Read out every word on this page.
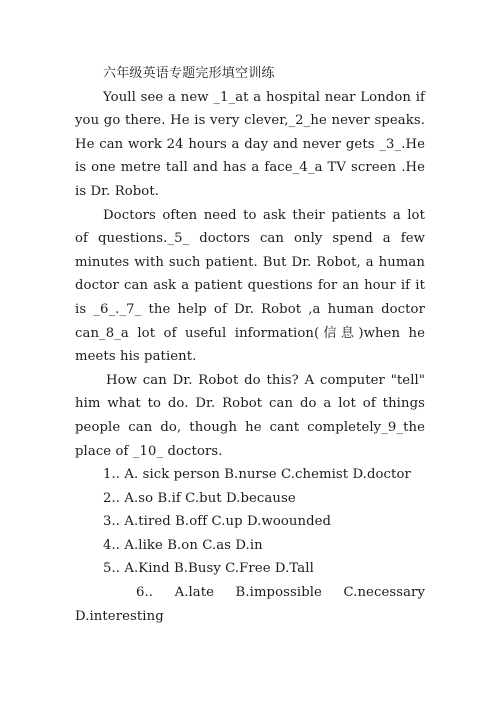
六年级英语专题完形填空训练

Youll see a new _1_at a hospital near London if you go there. He is very clever,_2_he never speaks. He can work 24 hours a day and never gets _3_.He is one metre tall and has a face_4_a TV screen .He is Dr. Robot.

Doctors often need to ask their patients a lot of questions._5_ doctors can only spend a few minutes with such patient. But Dr. Robot, a human doctor can ask a patient questions for an hour if it is _6_._7_ the help of Dr. Robot ,a human doctor can_8_a lot of useful information(信息)when he meets his patient.

How can Dr. Robot do this? A computer "tell" him what to do. Dr. Robot can do a lot of things people can do, though he cant completely_9_the place of _10_ doctors.

1.. A. sick person B.nurse C.chemist D.doctor
2.. A.so B.if C.but D.because
3.. A.tired B.off C.up D.woounded
4.. A.like B.on C.as D.in
5.. A.Kind B.Busy C.Free D.Tall
6.. A.late B.impossible C.necessary D.interesting
